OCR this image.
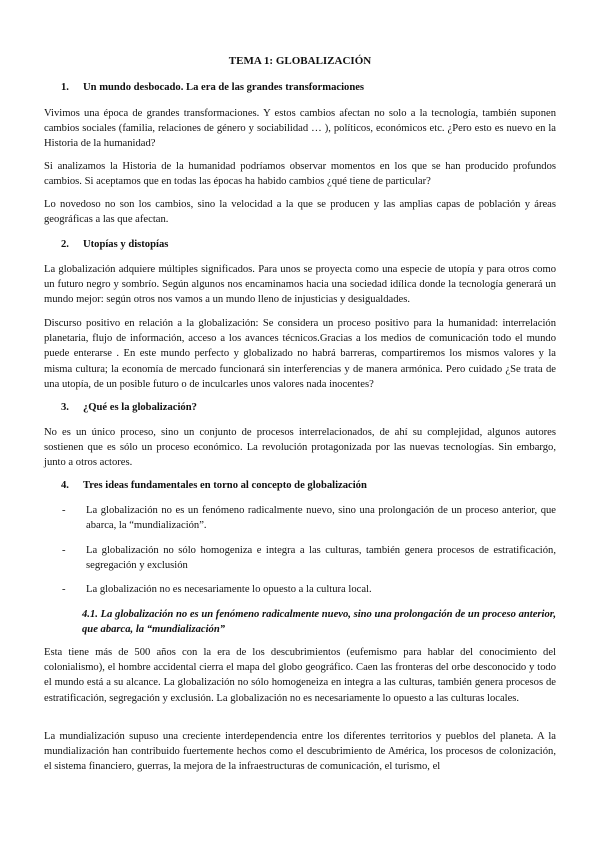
TEMA 1: GLOBALIZACIÓN
1. Un mundo desbocado. La era de las grandes transformaciones

Vivimos una época de grandes transformaciones. Y estos cambios afectan no solo a la tecnología, también suponen cambios sociales (familia, relaciones de género y sociabilidad … ), políticos, económicos etc. ¿Pero esto es nuevo en la Historia de la humanidad?

Si analizamos la Historia de la humanidad podríamos observar momentos en los que se han producido profundos cambios. Si aceptamos que en todas las épocas ha habido cambios ¿qué tiene de particular?

Lo novedoso no son los cambios, sino la velocidad a la que se producen y las amplias capas de población y áreas geográficas a las que afectan.

2. Utopías y distopías

La globalización adquiere múltiples significados. Para unos se proyecta como una especie de utopía y para otros como un futuro negro y sombrío. Según algunos nos encaminamos hacia una sociedad idílica donde la tecnología generará un mundo mejor: según otros nos vamos a un mundo lleno de injusticias y desigualdades.

Discurso positivo en relación a la globalización: Se considera un proceso positivo para la humanidad: interrelación planetaria, flujo de información, acceso a los avances técnicos.Gracias a los medios de comunicación todo el mundo puede enterarse . En este mundo perfecto y globalizado no habrá barreras, compartiremos los mismos valores y la misma cultura; la economía de mercado funcionará sin interferencias y de manera armónica. Pero cuidado ¿Se trata de una utopía, de un posible futuro o de inculcarles unos valores nada inocentes?

3. ¿Qué es la globalización?

No es un único proceso, sino un conjunto de procesos interrelacionados, de ahí su complejidad, algunos autores sostienen que es sólo un proceso económico. La revolución protagonizada por las nuevas tecnologías. Sin embargo, junto a otros actores.

4. Tres ideas fundamentales en torno al concepto de globalización
- La globalización no es un fenómeno radicalmente nuevo, sino una prolongación de un proceso anterior, que abarca, la “mundialización”.
- La globalización no sólo homogeniza e integra a las culturas, también genera procesos de estratificación, segregación y exclusión
- La globalización no es necesariamente lo opuesto a la cultura local.

4.1. La globalización no es un fenómeno radicalmente nuevo, sino una prolongación de un proceso anterior, que abarca, la “mundialización”

Esta tiene más de 500 años con la era de los descubrimientos (eufemismo para hablar del conocimiento del colonialismo), el hombre accidental cierra el mapa del globo geográfico. Caen las fronteras del orbe desconocido y todo el mundo está a su alcance. La globalización no sólo homogeneiza en integra a las culturas, también genera procesos de estratificación, segregación y exclusión. La globalización no es necesariamente lo opuesto a las culturas locales.

La mundialización supuso una creciente interdependencia entre los diferentes territorios y pueblos del planeta. A la mundialización han contribuido fuertemente hechos como el descubrimiento de América, los procesos de colonización, el sistema financiero, guerras, la mejora de la infraestructuras de comunicación, el turismo, el
